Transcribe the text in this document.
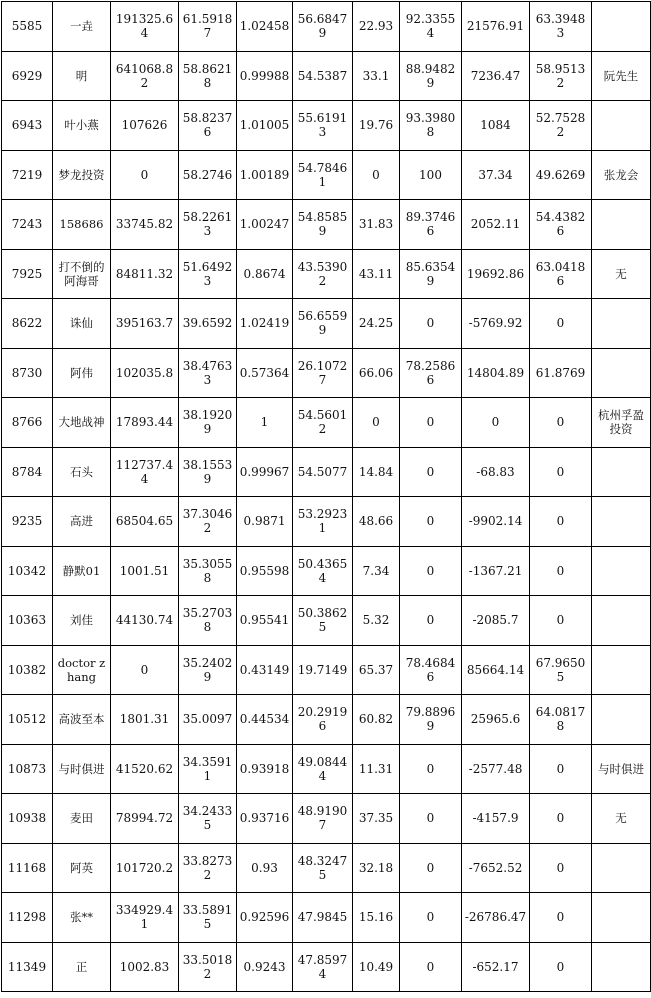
5585	一垚	191325.64	61.59187	1.02458	56.68479	22.93	92.33554	21576.91	63.39483	
6929	明	641068.82	58.86218	0.99988	54.5387	33.1	88.94829	7236.47	58.95132	阮先生
6943	叶小燕	107626	58.82376	1.01005	55.61913	19.76	93.39808	1084	52.75282	
7219	梦龙投资	0	58.2746	1.00189	54.78461	0	100	37.34	49.6269	张龙会
7243	158686	33745.82	58.22613	1.00247	54.85859	31.83	89.37466	2052.11	54.43826	
7925	打不倒的阿海哥	84811.32	51.64923	0.8674	43.53902	43.11	85.63549	19692.86	63.04186	无
8622	诛仙	395163.7	39.6592	1.02419	56.65599	24.25	0	-5769.92	0	
8730	阿伟	102035.8	38.47633	0.57364	26.10727	66.06	78.25866	14804.89	61.8769	
8766	大地战神	17893.44	38.19209	1	54.56012	0	0	0	0	杭州孚盈投资
8784	石头	112737.44	38.15539	0.99967	54.5077	14.84	0	-68.83	0	
9235	高进	68504.65	37.30462	0.9871	53.29231	48.66	0	-9902.14	0	
10342	静默01	1001.51	35.30558	0.95598	50.43654	7.34	0	-1367.21	0	
10363	刘佳	44130.74	35.27038	0.95541	50.38625	5.32	0	-2085.7	0	
10382	doctor zhang	0	35.24029	0.43149	19.7149	65.37	78.46846	85664.14	67.96505	
10512	高波至本	1801.31	35.0097	0.44534	20.29196	60.82	79.88969	25965.6	64.08178	
10873	与时俱进	41520.62	34.35911	0.93918	49.08444	11.31	0	-2577.48	0	与时俱进
10938	麦田	78994.72	34.24335	0.93716	48.91907	37.35	0	-4157.9	0	无
11168	阿英	101720.2	33.82732	0.93	48.32475	32.18	0	-7652.52	0	
11298	张**	334929.41	33.58915	0.92596	47.9845	15.16	0	-26786.47	0	
11349	正	1002.83	33.50182	0.9243	47.85974	10.49	0	-652.17	0	
